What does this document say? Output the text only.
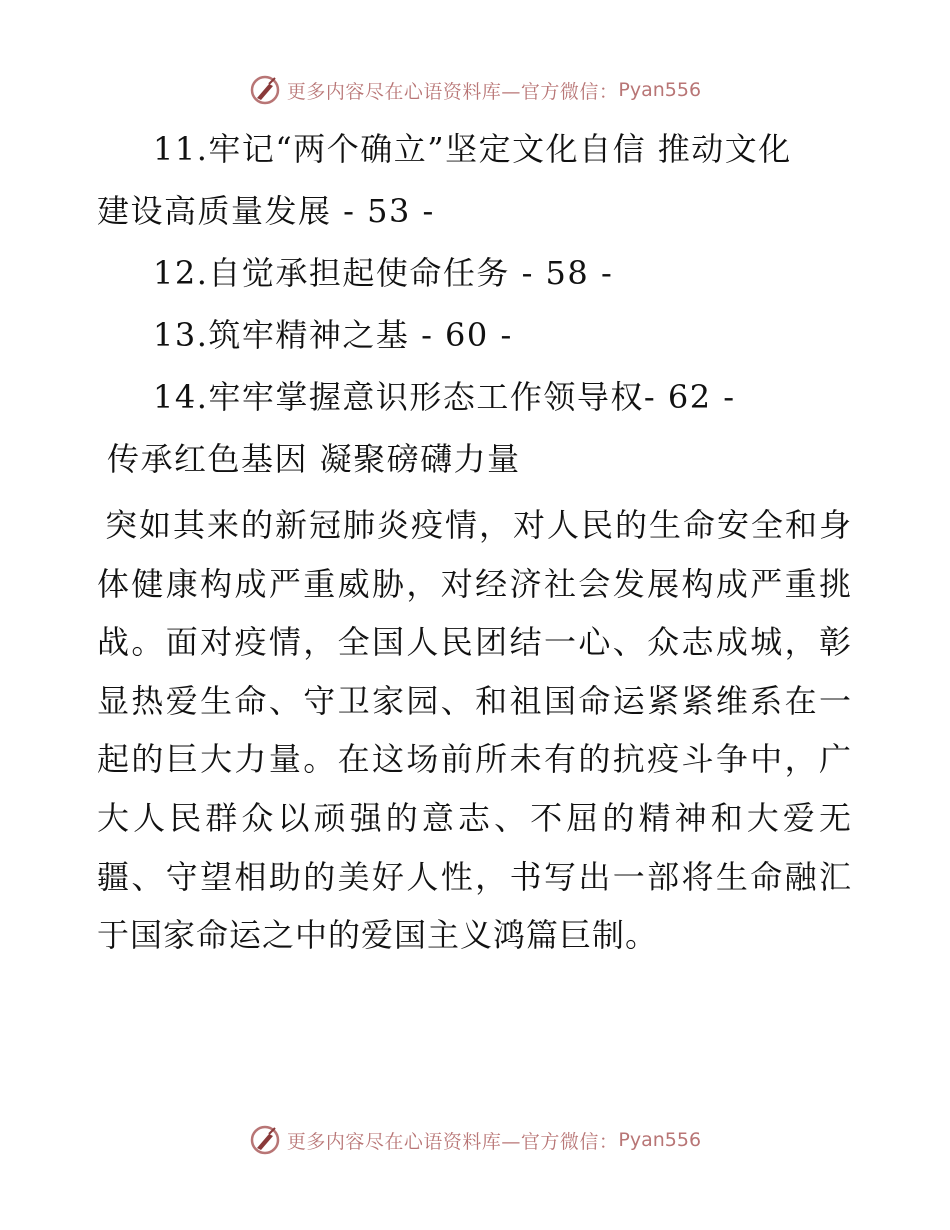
更多内容尽在心语资料库—官方微信： Pyan556
11.牢记“两个确立”坚定文化自信 推动文化
建设高质量发展 - 53 -
12.自觉承担起使命任务 - 58 -
13.筑牢精神之基 - 60 -
14.牢牢掌握意识形态工作领导权- 62 -
传承红色基因 凝聚磅礴力量
突如其来的新冠肺炎疫情，对人民的生命安全和身体健康构成严重威胁，对经济社会发展构成严重挑战。面对疫情，全国人民团结一心、众志成城，彰显热爱生命、守卫家园、和祖国命运紧紧维系在一起的巨大力量。在这场前所未有的抗疫斗争中，广大人民群众以顽强的意志、不屈的精神和大爱无疆、守望相助的美好人性，书写出一部将生命融汇于国家命运之中的爱国主义鸿篇巨制。
更多内容尽在心语资料库—官方微信： Pyan556
